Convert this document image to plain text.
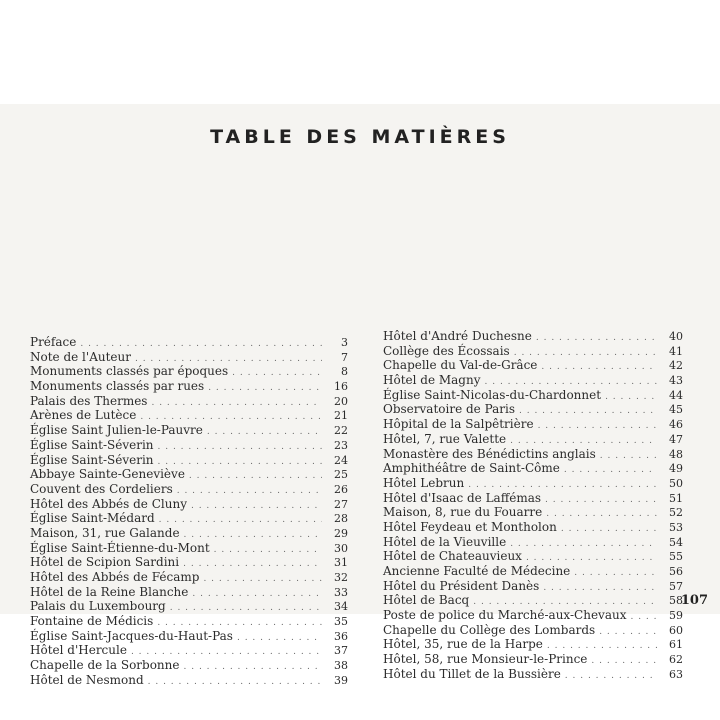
TABLE DES MATIÈRES
Préface . . .	3
Note de l'Auteur . . .	7
Monuments classés par époques . . .	8
Monuments classés par rues . . .	16
Palais des Thermes . . .	20
Arènes de Lutèce . . .	21
Église Saint Julien-le-Pauvre . . .	22
Église Saint-Séverin . . .	23
Église Saint-Séverin . . .	24
Abbaye Sainte-Geneviève . . .	25
Couvent des Cordeliers . . .	26
Hôtel des Abbés de Cluny . . .	27
Église Saint-Médard . . .	28
Maison, 31, rue Galande . . .	29
Église Saint-Étienne-du-Mont . . .	30
Hôtel de Scipion Sardini . . .	31
Hôtel des Abbés de Fécamp . . .	32
Hôtel de la Reine Blanche . . .	33
Palais du Luxembourg . . .	34
Fontaine de Médicis . . .	35
Église Saint-Jacques-du-Haut-Pas . . .	36
Hôtel d'Hercule . . .	37
Chapelle de la Sorbonne . . .	38
Hôtel de Nesmond . . .	39
Hôtel d'André Duchesne . . .	40
Collège des Écossais . . .	41
Chapelle du Val-de-Grâce . . .	42
Hôtel de Magny . . .	43
Église Saint-Nicolas-du-Chardonnet . . .	44
Observatoire de Paris . . .	45
Hôpital de la Salpêtrière . . .	46
Hôtel, 7, rue Valette . . .	47
Monastère des Bénédictins anglais . . .	48
Amphithéâtre de Saint-Côme . . .	49
Hôtel Lebrun . . .	50
Hôtel d'Isaac de Laffémas . . .	51
Maison, 8, rue du Fouarre . . .	52
Hôtel Feydeau et Montholon . . .	53
Hôtel de la Vieuville . . .	54
Hôtel de Chateauvieux . . .	55
Ancienne Faculté de Médecine . . .	56
Hôtel du Président Danès . . .	57
Hôtel de Bacq . . .	58
Poste de police du Marché-aux-Chevaux . . .	59
Chapelle du Collège des Lombards . . .	60
Hôtel, 35, rue de la Harpe . . .	61
Hôtel, 58, rue Monsieur-le-Prince . . .	62
Hôtel du Tillet de la Bussière . . .	63
107
